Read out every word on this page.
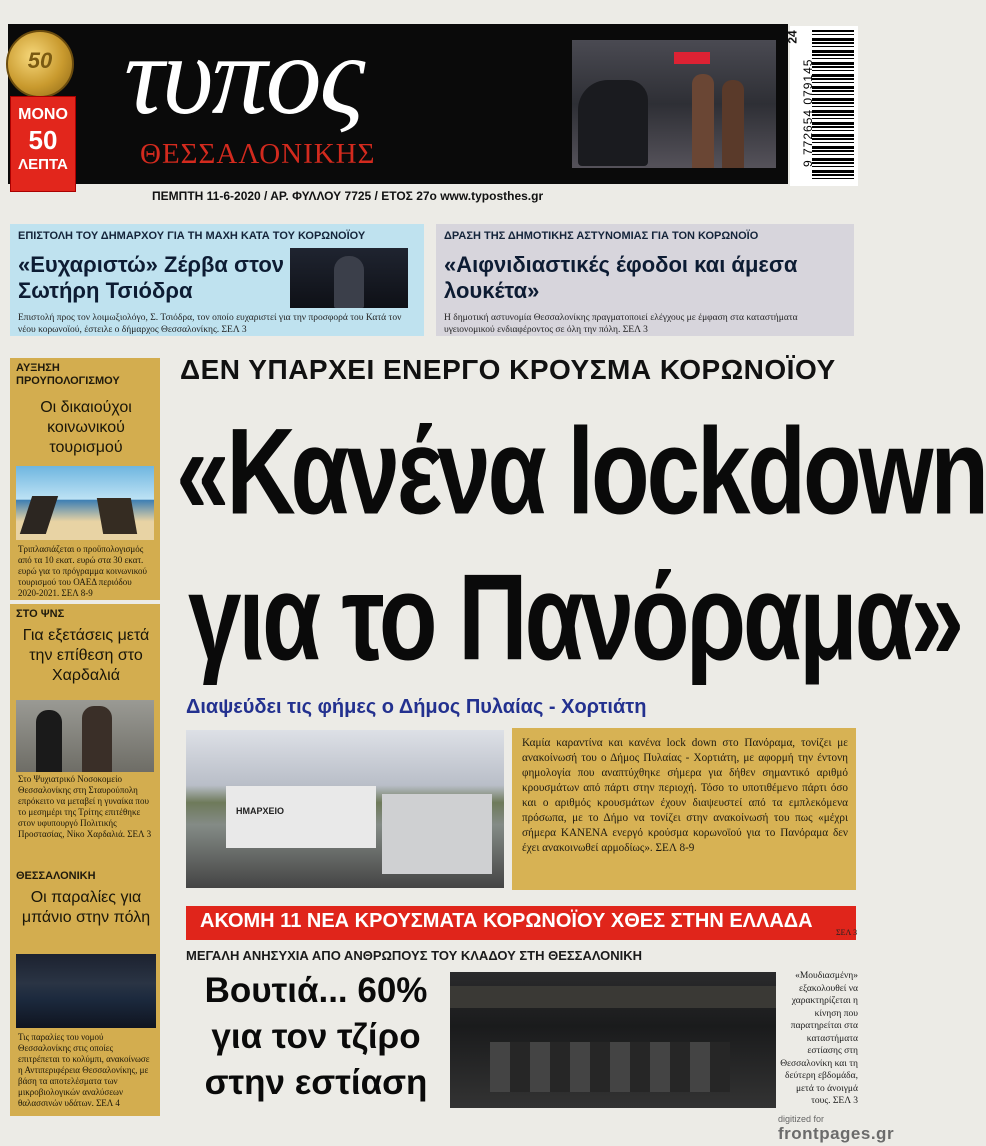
50
ΜΟΝΟ
50
ΛΕΠΤΑ
τυπος
ΘΕΣΣΑΛΟΝΙΚΗΣ
ΠΕΜΠΤΗ 11-6-2020 / ΑΡ. ΦΥΛΛΟΥ 7725 / ΕΤΟΣ 27ο www.typosthes.gr
9 772654 079145
24
ΕΠΙΣΤΟΛΗ ΤΟΥ ΔΗΜΑΡΧΟΥ ΓΙΑ ΤΗ ΜΑΧΗ ΚΑΤΑ ΤΟΥ ΚΟΡΩΝΟΪΟΥ
«Ευχαριστώ» Ζέρβα στον Σωτήρη Τσιόδρα
Επιστολή προς τον λοιμωξιολόγο, Σ. Τσιόδρα, τον οποίο ευχαριστεί για την προσφορά του Κατά τον νέου κορωνοϊού, έστειλε ο δήμαρχος Θεσσαλονίκης. ΣΕΛ 3
ΔΡΑΣΗ ΤΗΣ ΔΗΜΟΤΙΚΗΣ ΑΣΤΥΝΟΜΙΑΣ ΓΙΑ ΤΟΝ ΚΟΡΩΝΟΪΟ
«Αιφνιδιαστικές έφοδοι και άμεσα λουκέτα»
Η δημοτική αστυνομία Θεσσαλονίκης πραγματοποιεί ελέγχους με έμφαση στα καταστήματα υγειονομικού ενδιαφέροντος σε όλη την πόλη. ΣΕΛ 3
ΑΥΞΗΣΗ ΠΡΟΥΠΟΛΟΓΙΣΜΟΥ
Οι δικαιούχοι κοινωνικού τουρισμού
Τριπλασιάζεται ο προϋπολογισμός από τα 10 εκατ. ευρώ στα 30 εκατ. ευρώ για το πρόγραμμα κοινωνικού τουρισμού του ΟΑΕΔ περιόδου 2020-2021. ΣΕΛ 8-9
ΣΤΟ ΨΝΣ
Για εξετάσεις μετά την επίθεση στο Χαρδαλιά
Στο Ψυχιατρικό Νοσοκομείο Θεσσαλονίκης στη Σταυρούπολη επρόκειτο να μεταβεί η γυναίκα που το μεσημέρι της Τρίτης επιτέθηκε στον υφυπουργό Πολιτικής Προστασίας, Νίκο Χαρδαλιά. ΣΕΛ 3
ΘΕΣΣΑΛΟΝΙΚΗ
Οι παραλίες για μπάνιο στην πόλη
Τις παραλίες του νομού Θεσσαλονίκης στις οποίες επιτρέπεται το κολύμπι, ανακοίνωσε η Αντιπεριφέρεια Θεσσαλονίκης, με βάση τα αποτελέσματα των μικροβιολογικών αναλύσεων θαλασσινών υδάτων. ΣΕΛ 4
ΔΕΝ ΥΠΑΡΧΕΙ ΕΝΕΡΓΟ ΚΡΟΥΣΜΑ ΚΟΡΩΝΟΪΟΥ
«Κανένα lockdown
για το Πανόραμα»
Διαψεύδει τις φήμες ο Δήμος Πυλαίας - Χορτιάτη
ΗΜΑΡΧΕΙΟ
Καμία καραντίνα και κανένα lock down στο Πανόραμα, τονίζει με ανακοίνωσή του ο Δήμος Πυλαίας - Χορτιάτη, με αφορμή την έντονη φημολογία που αναπτύχθηκε σήμερα για δήθεν σημαντικό αριθμό κρουσμάτων από πάρτι στην περιοχή. Τόσο το υποτιθέμενο πάρτι όσο και ο αριθμός κρουσμάτων έχουν διαψευστεί από τα εμπλεκόμενα πρόσωπα, με το Δήμο να τονίζει στην ανακοίνωσή του πως «μέχρι σήμερα ΚΑΝΕΝΑ ενεργό κρούσμα κορωνοϊού για το Πανόραμα δεν έχει ανακοινωθεί αρμοδίως». ΣΕΛ 8-9
ΑΚΟΜΗ 11 ΝΕΑ ΚΡΟΥΣΜΑΤΑ ΚΟΡΩΝΟΪΟΥ ΧΘΕΣ ΣΤΗΝ ΕΛΛΑΔΑ
ΣΕΛ 3
ΜΕΓΑΛΗ ΑΝΗΣΥΧΙΑ ΑΠΟ ΑΝΘΡΩΠΟΥΣ ΤΟΥ ΚΛΑΔΟΥ ΣΤΗ ΘΕΣΣΑΛΟΝΙΚΗ
Βουτιά... 60% για τον τζίρο στην εστίαση
«Μουδιασμένη» εξακολουθεί να χαρακτηρίζεται η κίνηση που παρατηρείται στα καταστήματα εστίασης στη Θεσσαλονίκη και τη δεύτερη εβδομάδα, μετά το άνοιγμά τους. ΣΕΛ 3
digitized for
frontpages.gr
